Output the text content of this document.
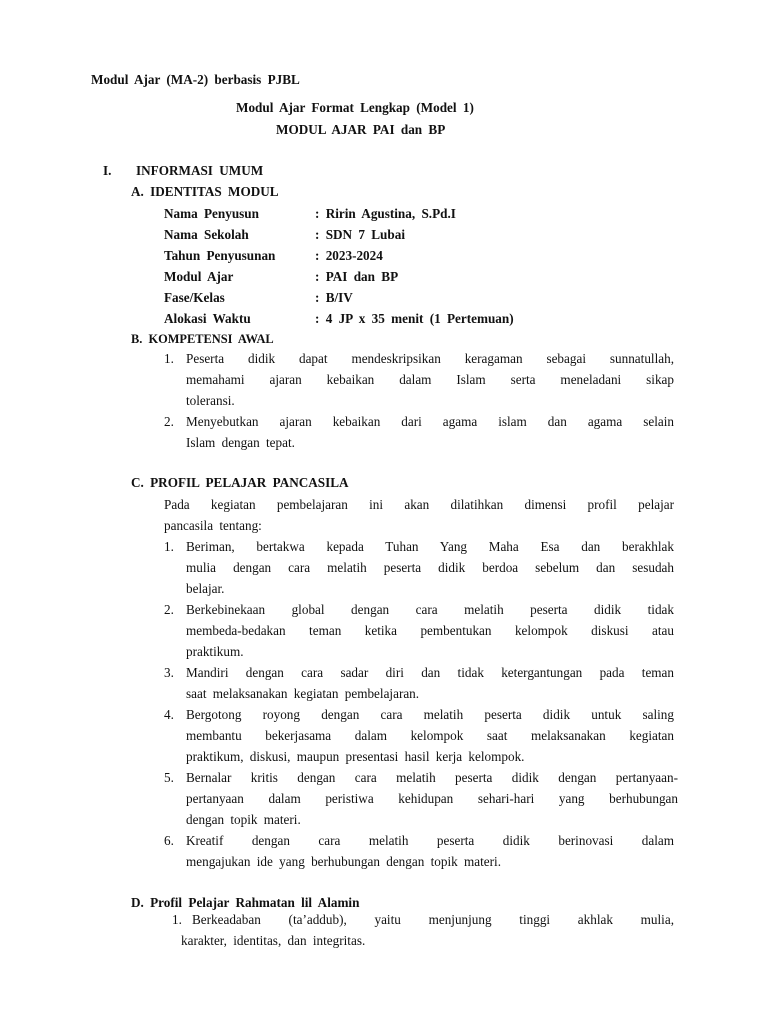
Modul Ajar (MA-2) berbasis PJBL
Modul Ajar Format Lengkap (Model 1)
MODUL AJAR PAI dan BP
I. INFORMASI UMUM
A. IDENTITAS MODUL
Nama Penyusun	: Ririn Agustina, S.Pd.I
Nama Sekolah	: SDN 7 Lubai
Tahun Penyusunan	: 2023-2024
Modul Ajar	: PAI dan BP
Fase/Kelas	: B/IV
Alokasi Waktu	: 4 JP x 35 menit (1 Pertemuan)
B. KOMPETENSI AWAL
1. Peserta didik dapat mendeskripsikan keragaman sebagai sunnatullah,
memahami ajaran kebaikan dalam Islam serta meneladani sikap
toleransi.
2. Menyebutkan ajaran kebaikan dari agama islam dan agama selain
Islam dengan tepat.
C. PROFIL PELAJAR PANCASILA
Pada kegiatan pembelajaran ini akan dilatihkan dimensi profil pelajar
pancasila tentang:
1. Beriman, bertakwa kepada Tuhan Yang Maha Esa dan berakhlak
mulia dengan cara melatih peserta didik berdoa sebelum dan sesudah
belajar.
2. Berkebinekaan global dengan cara melatih peserta didik tidak
membeda-bedakan teman ketika pembentukan kelompok diskusi atau
praktikum.
3. Mandiri dengan cara sadar diri dan tidak ketergantungan pada teman
saat melaksanakan kegiatan pembelajaran.
4. Bergotong royong dengan cara melatih peserta didik untuk saling
membantu bekerjasama dalam kelompok saat melaksanakan kegiatan
praktikum, diskusi, maupun presentasi hasil kerja kelompok.
5. Bernalar kritis dengan cara melatih peserta didik dengan pertanyaan-
pertanyaan dalam peristiwa kehidupan sehari-hari yang berhubungan
dengan topik materi.
6. Kreatif dengan cara melatih peserta didik berinovasi dalam
mengajukan ide yang berhubungan dengan topik materi.
D. Profil Pelajar Rahmatan lil Alamin
1. Berkeadaban (ta’addub), yaitu menjunjung tinggi akhlak mulia,
karakter, identitas, dan integritas.
